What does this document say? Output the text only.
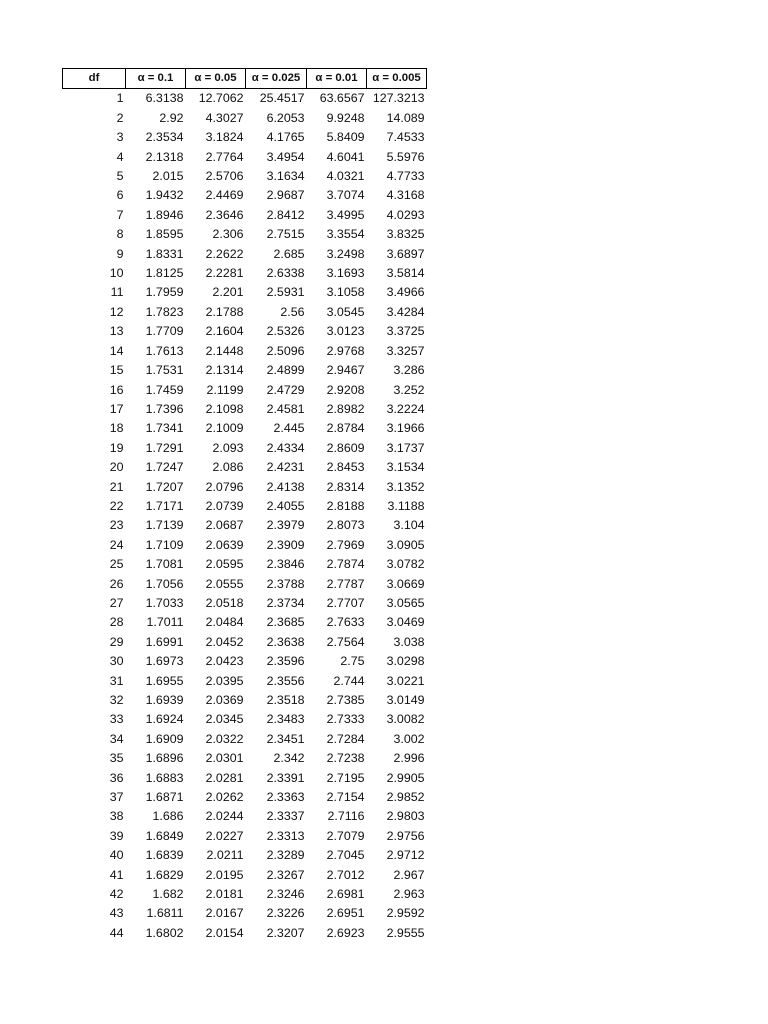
df	α = 0.1	α = 0.05	α = 0.025	α = 0.01	α = 0.005
1	6.3138	12.7062	25.4517	63.6567	127.3213
2	2.92	4.3027	6.2053	9.9248	14.089
3	2.3534	3.1824	4.1765	5.8409	7.4533
4	2.1318	2.7764	3.4954	4.6041	5.5976
5	2.015	2.5706	3.1634	4.0321	4.7733
6	1.9432	2.4469	2.9687	3.7074	4.3168
7	1.8946	2.3646	2.8412	3.4995	4.0293
8	1.8595	2.306	2.7515	3.3554	3.8325
9	1.8331	2.2622	2.685	3.2498	3.6897
10	1.8125	2.2281	2.6338	3.1693	3.5814
11	1.7959	2.201	2.5931	3.1058	3.4966
12	1.7823	2.1788	2.56	3.0545	3.4284
13	1.7709	2.1604	2.5326	3.0123	3.3725
14	1.7613	2.1448	2.5096	2.9768	3.3257
15	1.7531	2.1314	2.4899	2.9467	3.286
16	1.7459	2.1199	2.4729	2.9208	3.252
17	1.7396	2.1098	2.4581	2.8982	3.2224
18	1.7341	2.1009	2.445	2.8784	3.1966
19	1.7291	2.093	2.4334	2.8609	3.1737
20	1.7247	2.086	2.4231	2.8453	3.1534
21	1.7207	2.0796	2.4138	2.8314	3.1352
22	1.7171	2.0739	2.4055	2.8188	3.1188
23	1.7139	2.0687	2.3979	2.8073	3.104
24	1.7109	2.0639	2.3909	2.7969	3.0905
25	1.7081	2.0595	2.3846	2.7874	3.0782
26	1.7056	2.0555	2.3788	2.7787	3.0669
27	1.7033	2.0518	2.3734	2.7707	3.0565
28	1.7011	2.0484	2.3685	2.7633	3.0469
29	1.6991	2.0452	2.3638	2.7564	3.038
30	1.6973	2.0423	2.3596	2.75	3.0298
31	1.6955	2.0395	2.3556	2.744	3.0221
32	1.6939	2.0369	2.3518	2.7385	3.0149
33	1.6924	2.0345	2.3483	2.7333	3.0082
34	1.6909	2.0322	2.3451	2.7284	3.002
35	1.6896	2.0301	2.342	2.7238	2.996
36	1.6883	2.0281	2.3391	2.7195	2.9905
37	1.6871	2.0262	2.3363	2.7154	2.9852
38	1.686	2.0244	2.3337	2.7116	2.9803
39	1.6849	2.0227	2.3313	2.7079	2.9756
40	1.6839	2.0211	2.3289	2.7045	2.9712
41	1.6829	2.0195	2.3267	2.7012	2.967
42	1.682	2.0181	2.3246	2.6981	2.963
43	1.6811	2.0167	2.3226	2.6951	2.9592
44	1.6802	2.0154	2.3207	2.6923	2.9555
